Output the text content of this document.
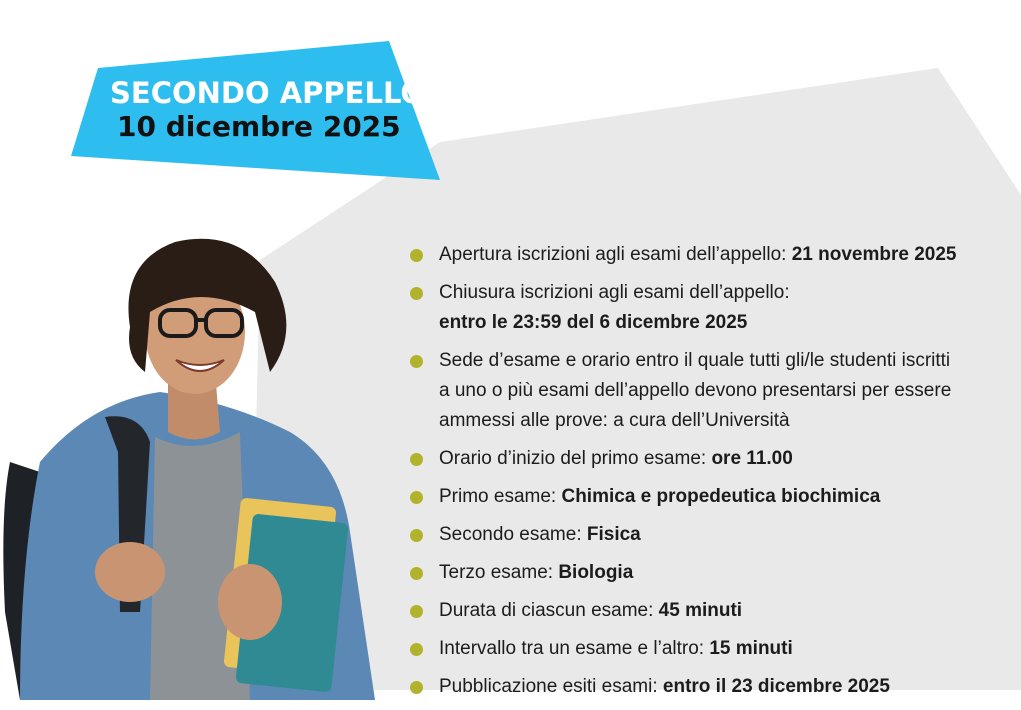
SECONDO APPELLO
10 dicembre 2025
Apertura iscrizioni agli esami dell’appello: 21 novembre 2025
Chiusura iscrizioni agli esami dell’appello:
entro le 23:59 del 6 dicembre 2025
Sede d’esame e orario entro il quale tutti gli/le studenti iscritti
a uno o più esami dell’appello devono presentarsi per essere
ammessi alle prove: a cura dell’Università
Orario d’inizio del primo esame: ore 11.00
Primo esame: Chimica e propedeutica biochimica
Secondo esame: Fisica
Terzo esame: Biologia
Durata di ciascun esame: 45 minuti
Intervallo tra un esame e l’altro: 15 minuti
Pubblicazione esiti esami: entro il 23 dicembre 2025
